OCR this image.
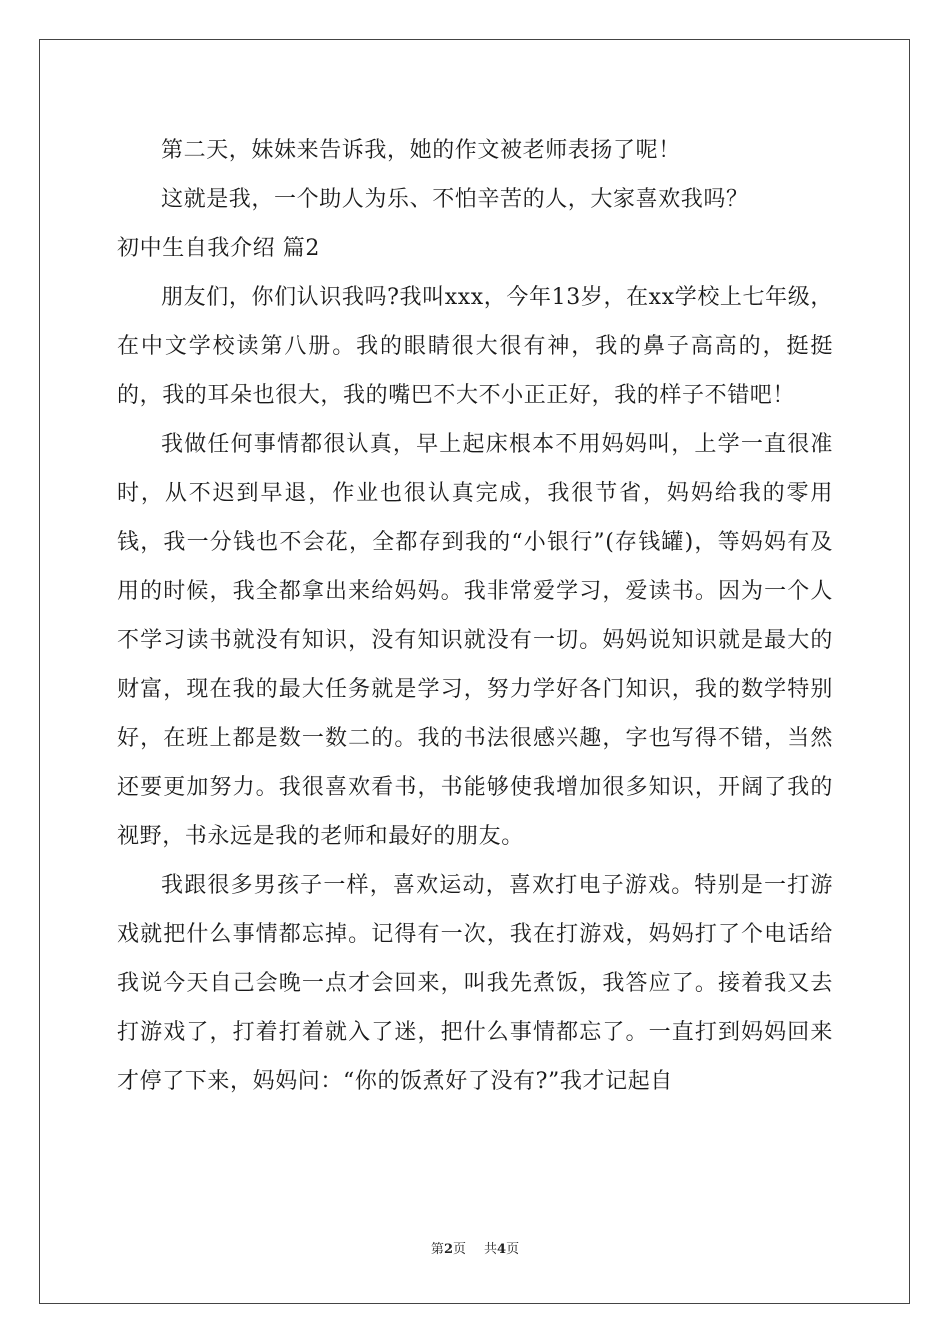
第二天，妹妹来告诉我，她的作文被老师表扬了呢！

这就是我，一个助人为乐、不怕辛苦的人，大家喜欢我吗？

初中生自我介绍 篇2

朋友们，你们认识我吗?我叫xxx，今年13岁，在xx学校上七年级，在中文学校读第八册。我的眼睛很大很有神，我的鼻子高高的，挺挺的，我的耳朵也很大，我的嘴巴不大不小正正好，我的样子不错吧！

我做任何事情都很认真，早上起床根本不用妈妈叫，上学一直很准时，从不迟到早退，作业也很认真完成，我很节省，妈妈给我的零用钱，我一分钱也不会花，全都存到我的“小银行”(存钱罐)，等妈妈有及用的时候，我全都拿出来给妈妈。我非常爱学习，爱读书。因为一个人不学习读书就没有知识，没有知识就没有一切。妈妈说知识就是最大的财富，现在我的最大任务就是学习，努力学好各门知识，我的数学特别好，在班上都是数一数二的。我的书法很感兴趣，字也写得不错，当然还要更加努力。我很喜欢看书，书能够使我增加很多知识，开阔了我的视野，书永远是我的老师和最好的朋友。

我跟很多男孩子一样，喜欢运动，喜欢打电子游戏。特别是一打游戏就把什么事情都忘掉。记得有一次，我在打游戏，妈妈打了个电话给我说今天自己会晚一点才会回来，叫我先煮饭，我答应了。接着我又去打游戏了，打着打着就入了迷，把什么事情都忘了。一直打到妈妈回来才停了下来，妈妈问：“你的饭煮好了没有?”我才记起自

第2页 共4页
